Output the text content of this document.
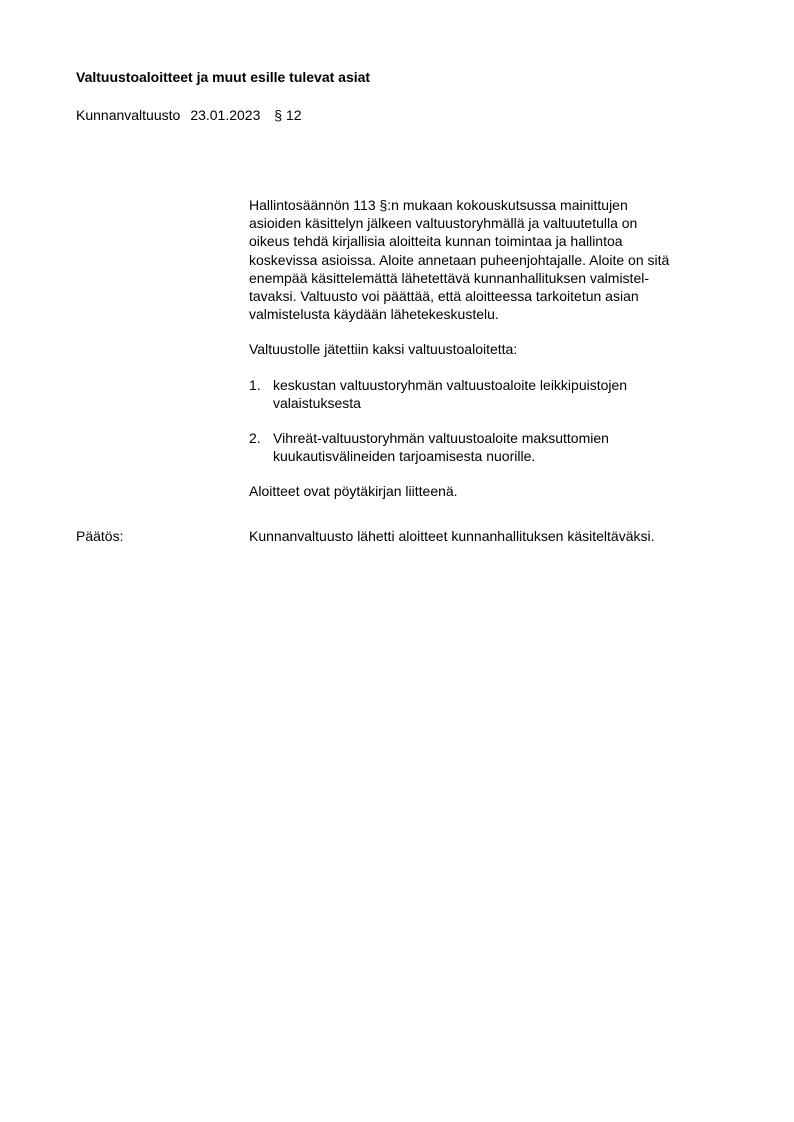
Valtuustoaloitteet ja muut esille tulevat asiat
Kunnanvaltuusto 23.01.2023 § 12

Hallintosäännön 113 §:n mukaan kokouskutsussa mainittujen
asioiden käsittelyn jälkeen valtuustoryhmällä ja valtuutetulla on
oikeus tehdä kirjallisia aloitteita kunnan toimintaa ja hallintoa
koskevissa asioissa. Aloite annetaan puheenjohtajalle. Aloite on sitä
enempää käsittelemättä lähetettävä kunnanhallituksen valmistel-
tavaksi. Valtuusto voi päättää, että aloitteessa tarkoitetun asian
valmistelusta käydään lähetekeskustelu.

Valtuustolle jätettiin kaksi valtuustoaloitetta:

1. keskustan valtuustoryhmän valtuustoaloite leikkipuistojen
valaistuksesta
2. Vihreät-valtuustoryhmän valtuustoaloite maksuttomien
kuukautisvälineiden tarjoamisesta nuorille.

Aloitteet ovat pöytäkirjan liitteenä.

Päätös:	Kunnanvaltuusto lähetti aloitteet kunnanhallituksen käsiteltäväksi.
